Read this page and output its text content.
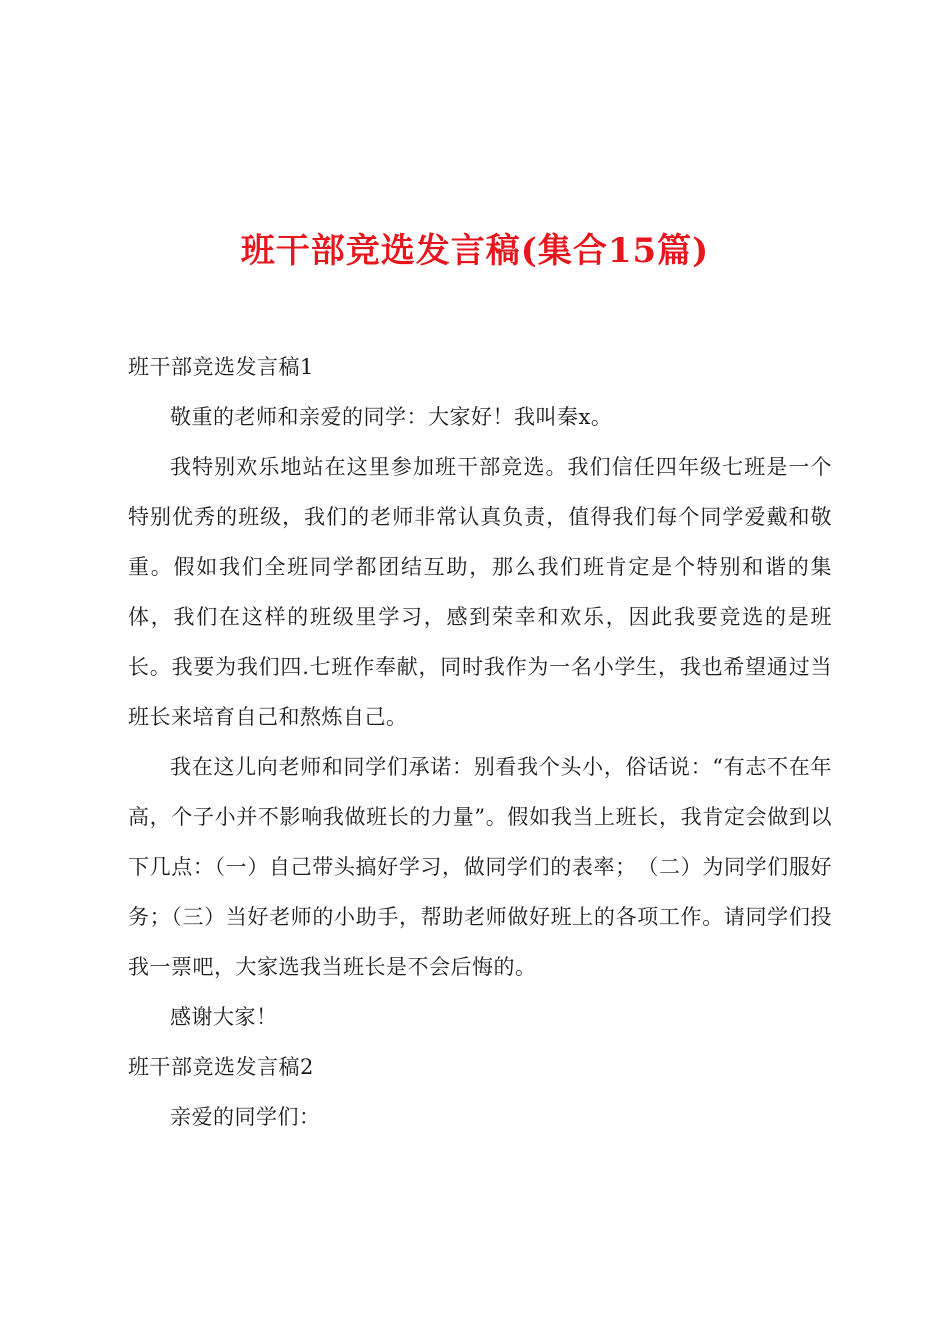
班干部竞选发言稿(集合15篇)

班干部竞选发言稿1

敬重的老师和亲爱的同学：大家好！我叫秦x。

我特别欢乐地站在这里参加班干部竞选。我们信任四年级七班是一个特别优秀的班级，我们的老师非常认真负责，值得我们每个同学爱戴和敬重。假如我们全班同学都团结互助，那么我们班肯定是个特别和谐的集体，我们在这样的班级里学习，感到荣幸和欢乐，因此我要竞选的是班长。我要为我们四.七班作奉献，同时我作为一名小学生，我也希望通过当班长来培育自己和熬炼自己。

我在这儿向老师和同学们承诺：别看我个头小，俗话说：“有志不在年高，个子小并不影响我做班长的力量”。假如我当上班长，我肯定会做到以下几点：（一）自己带头搞好学习，做同学们的表率；　（二）为同学们服好务；（三）当好老师的小助手，帮助老师做好班上的各项工作。请同学们投我一票吧，大家选我当班长是不会后悔的。

感谢大家！

班干部竞选发言稿2

亲爱的同学们：
